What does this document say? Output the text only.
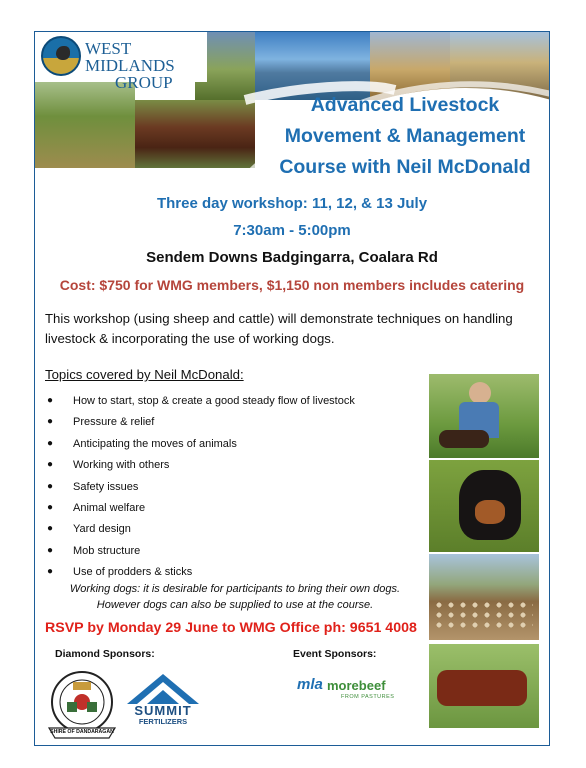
WEST MIDLANDS
GROUP
Advanced Livestock
Movement & Management
Course with Neil McDonald
Three day workshop: 11, 12, & 13 July
7:30am - 5:00pm
Sendem Downs Badgingarra, Coalara Rd
Cost: $750 for WMG members, $1,150 non members includes catering
This workshop (using sheep and cattle) will demonstrate techniques on handling livestock & incorporating the use of working dogs.
Topics covered by Neil McDonald:
● How to start, stop & create a good steady flow of livestock
● Pressure & relief
● Anticipating the moves of animals
● Working with others
● Safety issues
● Animal welfare
● Yard design
● Mob structure
● Use of prodders & sticks
Working dogs: it is desirable for participants to bring their own dogs.
However dogs can also be supplied to use at the course.
RSVP by Monday 29 June to WMG Office ph: 9651 4008
Diamond Sponsors:	Event Sponsors:
SHIRE OF DANDARAGAN
SUMMIT
FERTILIZERS
mla morebeef
FROM PASTURES
